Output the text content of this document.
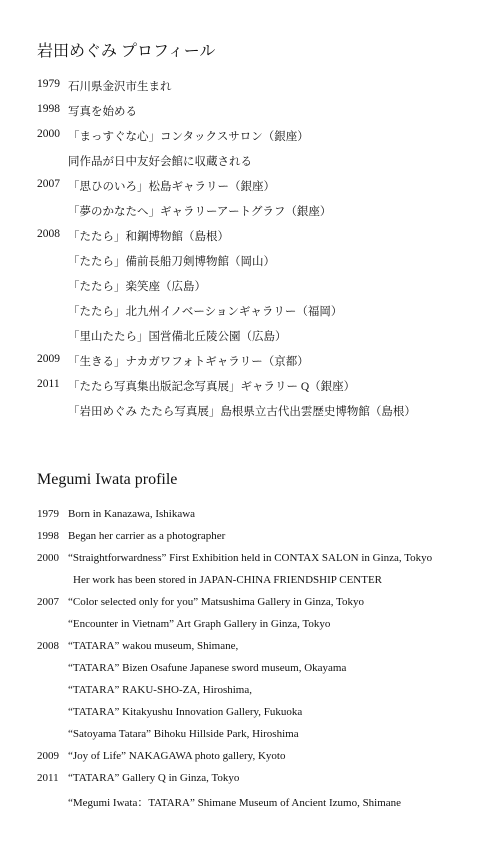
岩田めぐみ プロフィール
1979 石川県金沢市生まれ
1998 写真を始める
2000 「まっすぐな心」コンタックスサロン（銀座）
同作品が日中友好会館に収蔵される
2007 「思ひのいろ」松島ギャラリー（銀座）
「夢のかなたへ」ギャラリーアートグラフ（銀座）
2008 「たたら」和鋼博物館（島根）
「たたら」備前長船刀剣博物館（岡山）
「たたら」楽笑座（広島）
「たたら」北九州イノベーションギャラリー（福岡）
「里山たたら」国営備北丘陵公園（広島）
2009 「生きる」ナカガワフォトギャラリー（京都）
2011 「たたら写真集出版記念写真展」ギャラリー Q（銀座）
「岩田めぐみ たたら写真展」島根県立古代出雲歴史博物館（島根）
Megumi Iwata profile
1979 Born in Kanazawa, Ishikawa
1998 Began her carrier as a photographer
2000 “Straightforwardness” First Exhibition held in CONTAX SALON in Ginza, Tokyo
Her work has been stored in JAPAN-CHINA FRIENDSHIP CENTER
2007 “Color selected only for you” Matsushima Gallery in Ginza, Tokyo
“Encounter in Vietnam” Art Graph Gallery in Ginza, Tokyo
2008 “TATARA” wakou museum, Shimane,
“TATARA” Bizen Osafune Japanese sword museum, Okayama
“TATARA” RAKU-SHO-ZA, Hiroshima,
“TATARA” Kitakyushu Innovation Gallery, Fukuoka
“Satoyama Tatara” Bihoku Hillside Park, Hiroshima
2009 “Joy of Life” NAKAGAWA photo gallery, Kyoto
2011 “TATARA” Gallery Q in Ginza, Tokyo
“Megumi Iwata：TATARA” Shimane Museum of Ancient Izumo, Shimane
